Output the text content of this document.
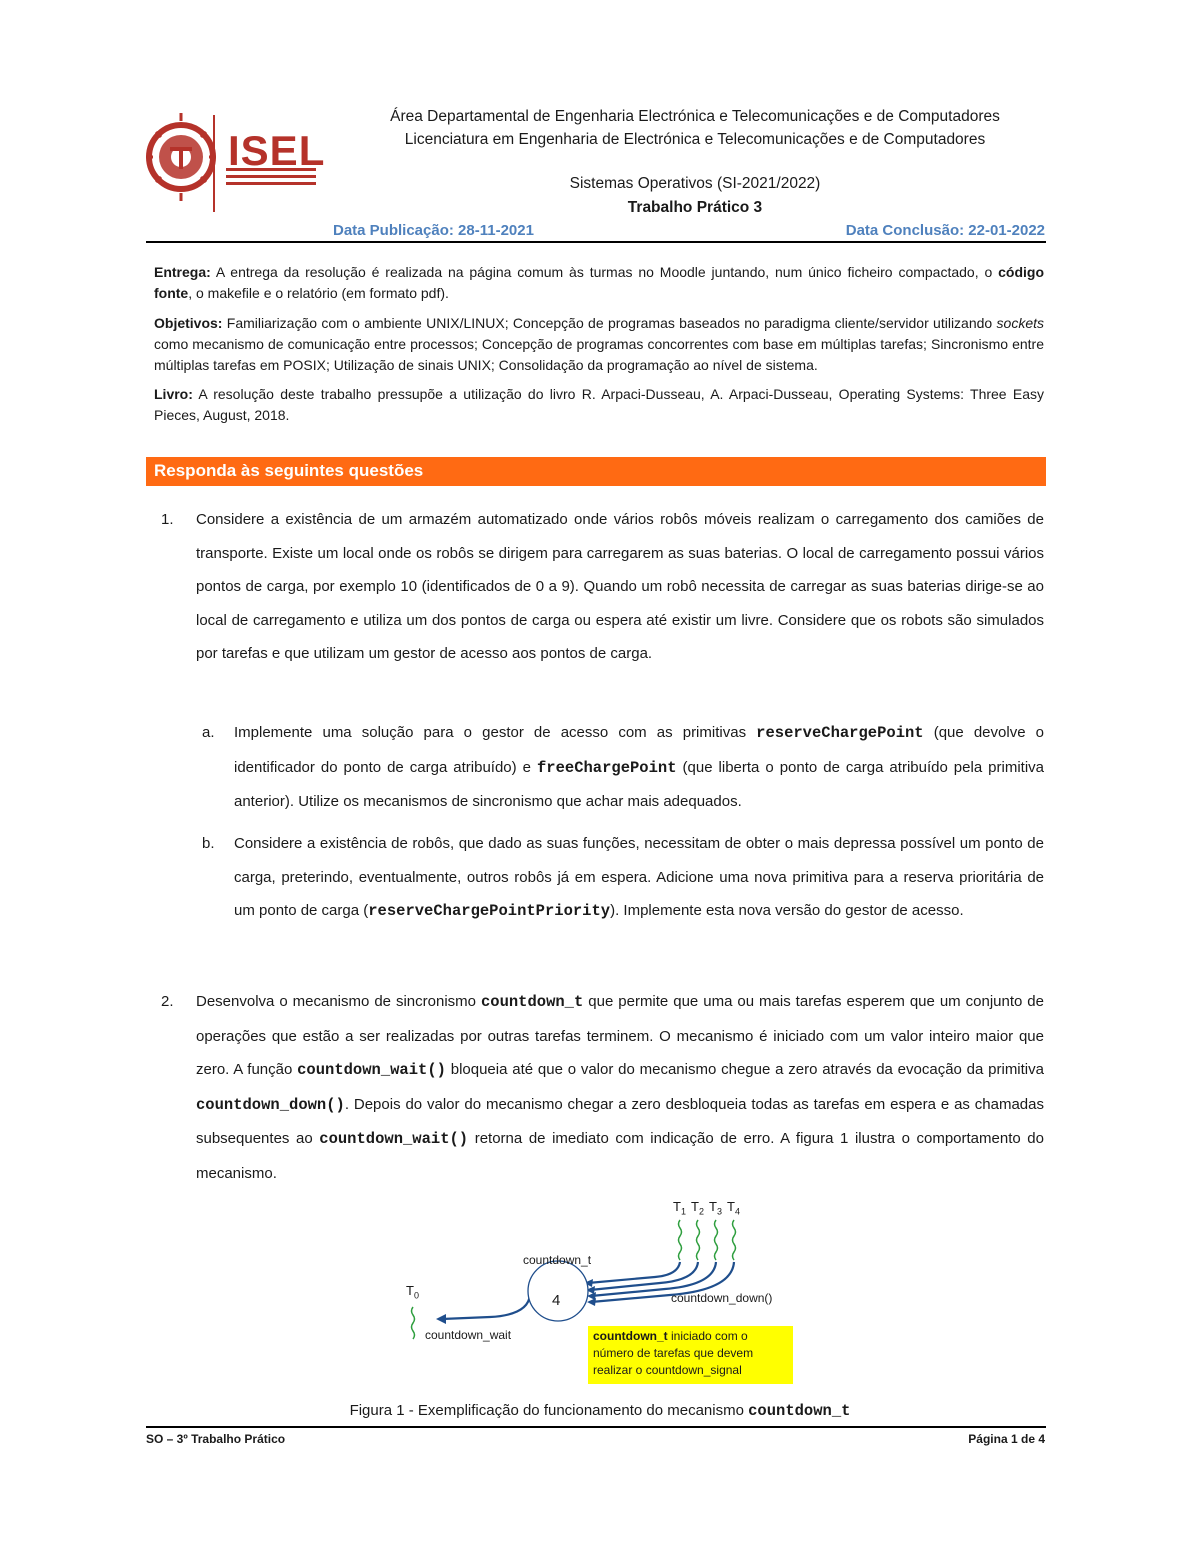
ISEL
Área Departamental de Engenharia Electrónica e Telecomunicações e de Computadores
Licenciatura em Engenharia de Electrónica e Telecomunicações e de Computadores
Sistemas Operativos (SI-2021/2022)
Trabalho Prático 3
Data Publicação: 28-11-2021	Data Conclusão: 22-01-2022
Entrega: A entrega da resolução é realizada na página comum às turmas no Moodle juntando, num único ficheiro compactado, o código fonte, o makefile e o relatório (em formato pdf).
Objetivos: Familiarização com o ambiente UNIX/LINUX; Concepção de programas baseados no paradigma cliente/servidor utilizando sockets como mecanismo de comunicação entre processos; Concepção de programas concorrentes com base em múltiplas tarefas; Sincronismo entre múltiplas tarefas em POSIX; Utilização de sinais UNIX; Consolidação da programação ao nível de sistema.
Livro: A resolução deste trabalho pressupõe a utilização do livro R. Arpaci-Dusseau, A. Arpaci-Dusseau, Operating Systems: Three Easy Pieces, August, 2018.
Responda às seguintes questões
1. Considere a existência de um armazém automatizado onde vários robôs móveis realizam o carregamento dos camiões de transporte. Existe um local onde os robôs se dirigem para carregarem as suas baterias. O local de carregamento possui vários pontos de carga, por exemplo 10 (identificados de 0 a 9). Quando um robô necessita de carregar as suas baterias dirige-se ao local de carregamento e utiliza um dos pontos de carga ou espera até existir um livre. Considere que os robots são simulados por tarefas e que utilizam um gestor de acesso aos pontos de carga.
a. Implemente uma solução para o gestor de acesso com as primitivas reserveChargePoint (que devolve o identificador do ponto de carga atribuído) e freeChargePoint (que liberta o ponto de carga atribuído pela primitiva anterior). Utilize os mecanismos de sincronismo que achar mais adequados.
b. Considere a existência de robôs, que dado as suas funções, necessitam de obter o mais depressa possível um ponto de carga, preterindo, eventualmente, outros robôs já em espera. Adicione uma nova primitiva para a reserva prioritária de um ponto de carga (reserveChargePointPriority). Implemente esta nova versão do gestor de acesso.
2. Desenvolva o mecanismo de sincronismo countdown_t que permite que uma ou mais tarefas esperem que um conjunto de operações que estão a ser realizadas por outras tarefas terminem. O mecanismo é iniciado com um valor inteiro maior que zero. A função countdown_wait() bloqueia até que o valor do mecanismo chegue a zero através da evocação da primitiva countdown_down(). Depois do valor do mecanismo chegar a zero desbloqueia todas as tarefas em espera e as chamadas subsequentes ao countdown_wait() retorna de imediato com indicação de erro. A figura 1 ilustra o comportamento do mecanismo.
$T_1$ $T_2$ $T_3$ $T_4$
$T_0$
countdown_t
4	countdown_down()
countdown_wait	countdown_t iniciado com o
número de tarefas que devem
realizar o countdown_signal
Figura 1 - Exemplificação do funcionamento do mecanismo countdown_t
SO – 3º Trabalho Prático	Página 1 de 4
